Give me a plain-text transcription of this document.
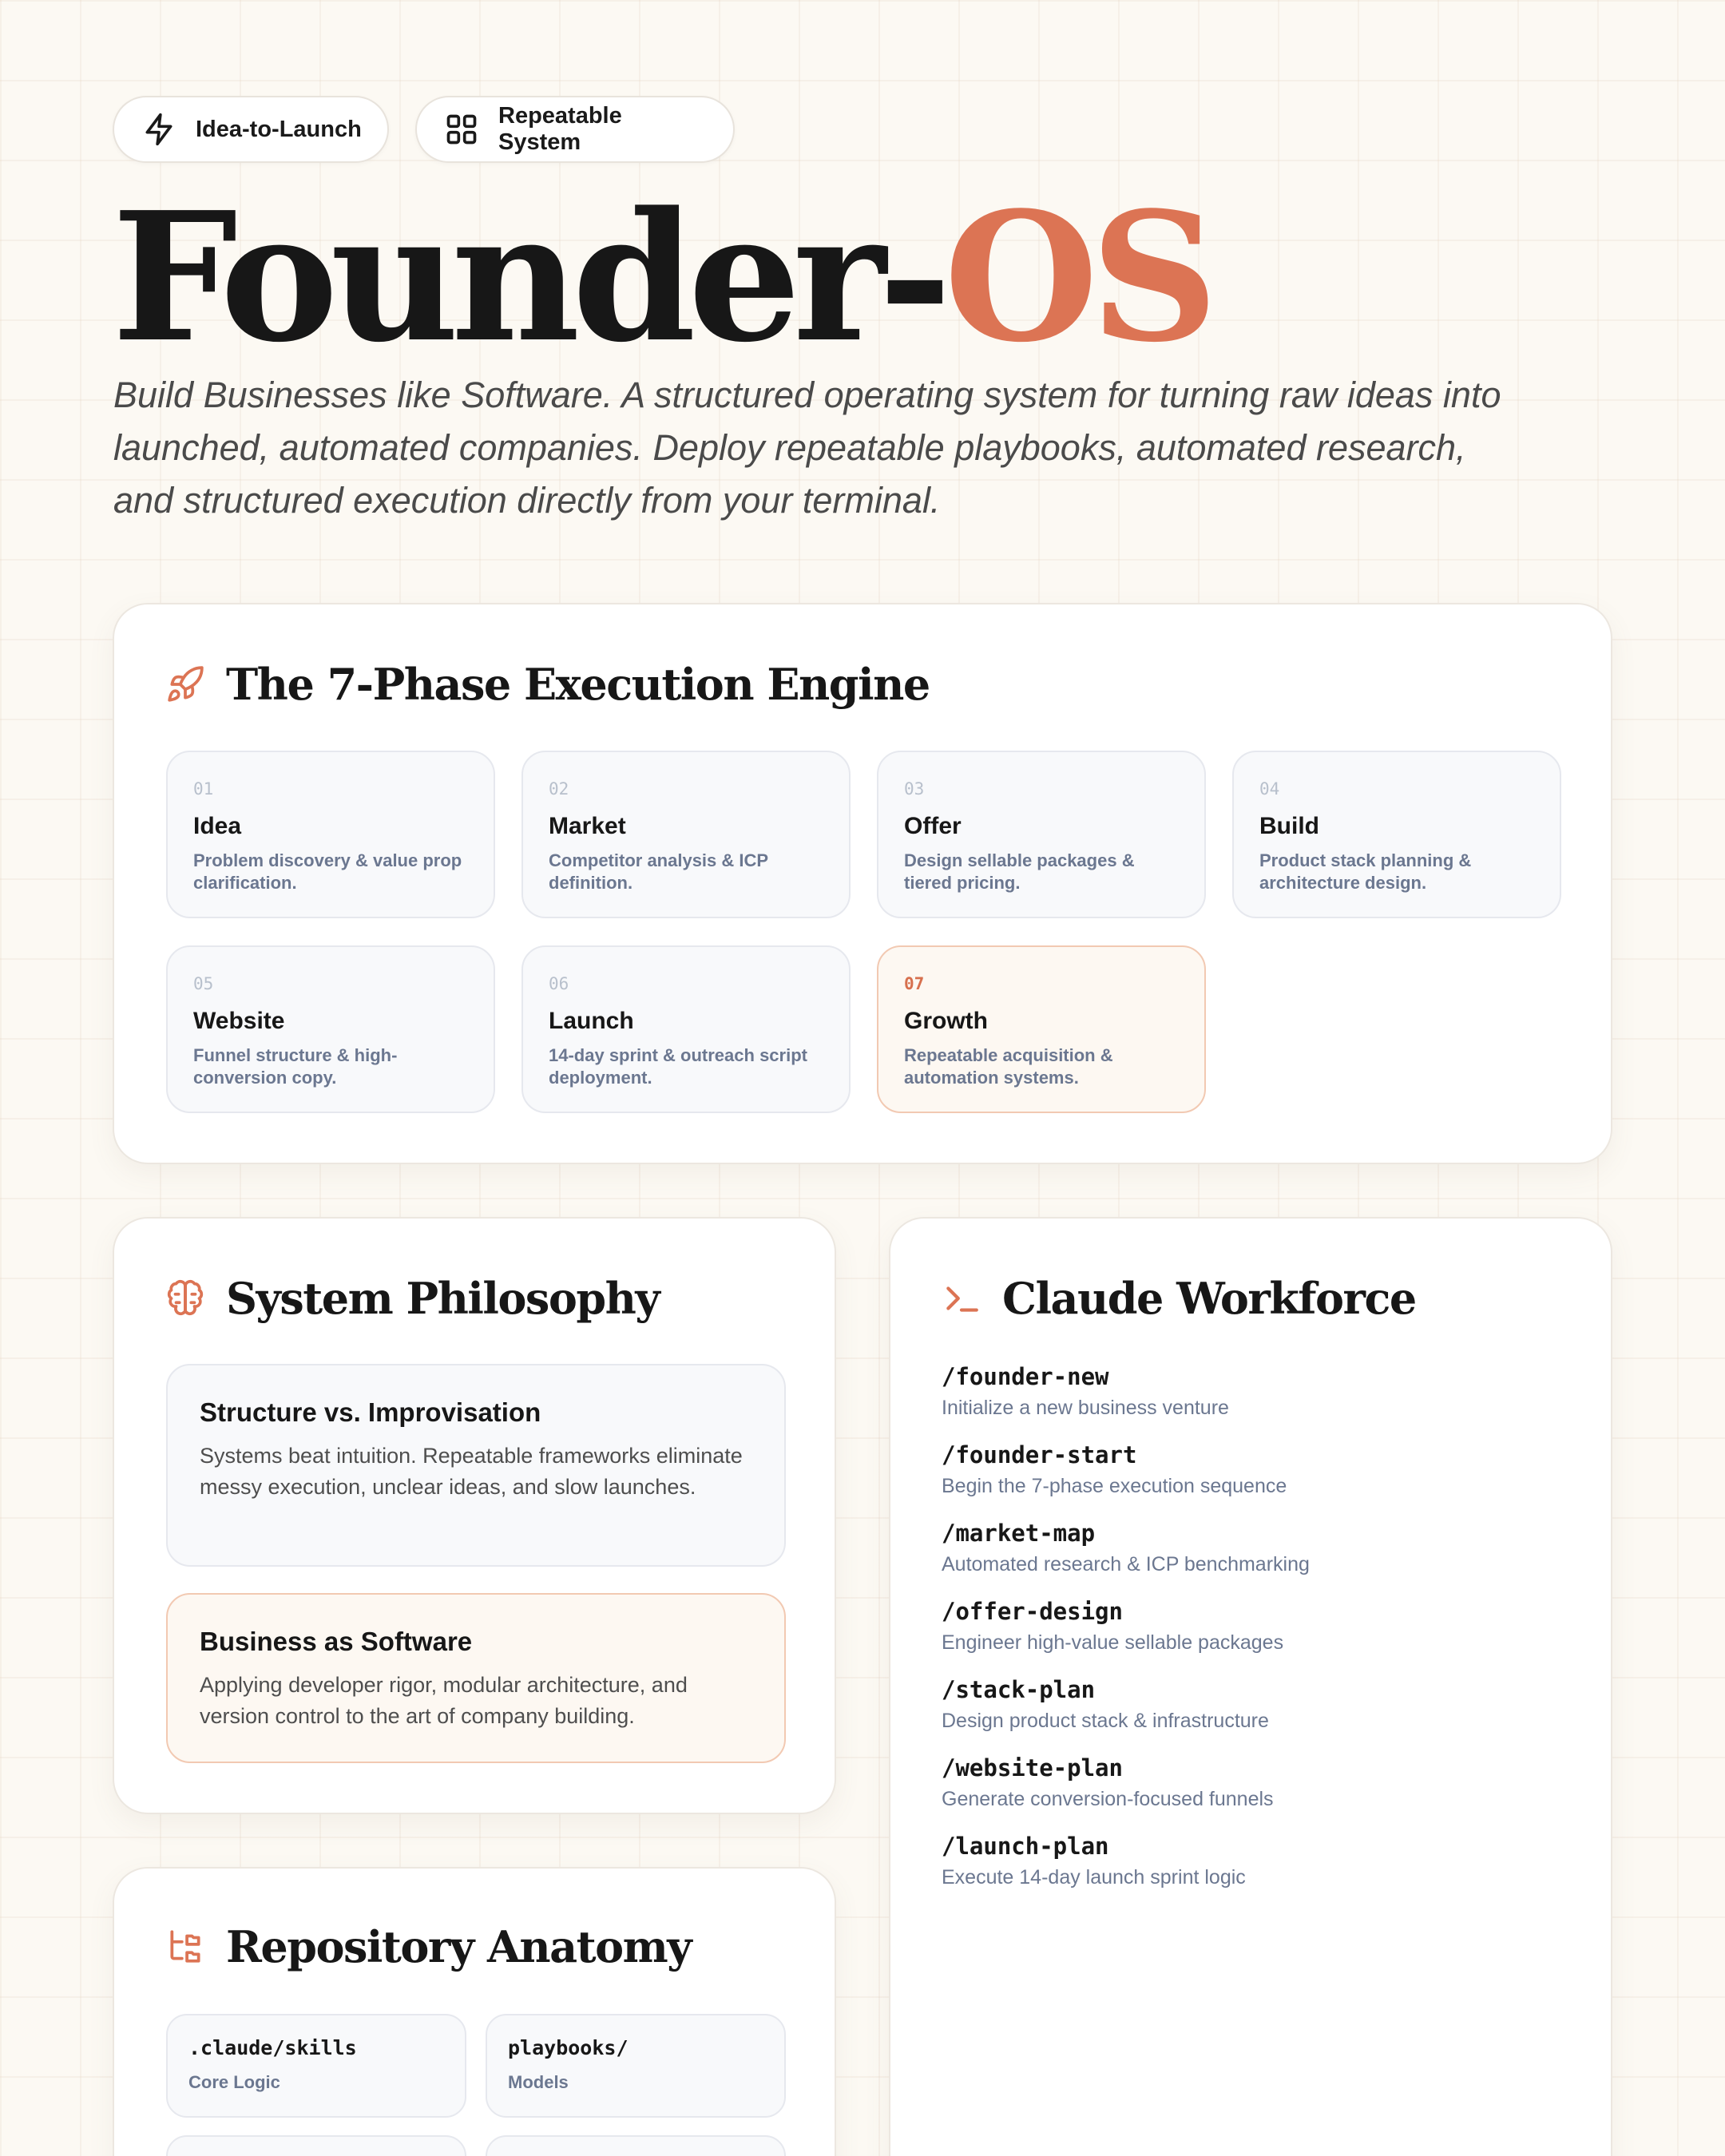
Idea-to-Launch
Repeatable System
Founder-OS

Build Businesses like Software. A structured operating system for turning raw ideas into launched, automated companies. Deploy repeatable playbooks, automated research, and structured execution directly from your terminal.

The 7-Phase Execution Engine
01
Idea
Problem discovery & value prop clarification.
02
Market
Competitor analysis & ICP definition.
03
Offer
Design sellable packages & tiered pricing.
04
Build
Product stack planning & architecture design.
05
Website
Funnel structure & high-conversion copy.
06
Launch
14-day sprint & outreach script deployment.
07
Growth
Repeatable acquisition & automation systems.
System Philosophy
Structure vs. Improvisation
Systems beat intuition. Repeatable frameworks eliminate messy execution, unclear ideas, and slow launches.
Business as Software
Applying developer rigor, modular architecture, and version control to the art of company building.
Claude Workforce
/founder-new
Initialize a new business venture
/founder-start
Begin the 7-phase execution sequence
/market-map
Automated research & ICP benchmarking
/offer-design
Engineer high-value sellable packages
/stack-plan
Design product stack & infrastructure
/website-plan
Generate conversion-focused funnels
/launch-plan
Execute 14-day launch sprint logic
Repository Anatomy
.claude/skills
Core Logic
playbooks/
Models
